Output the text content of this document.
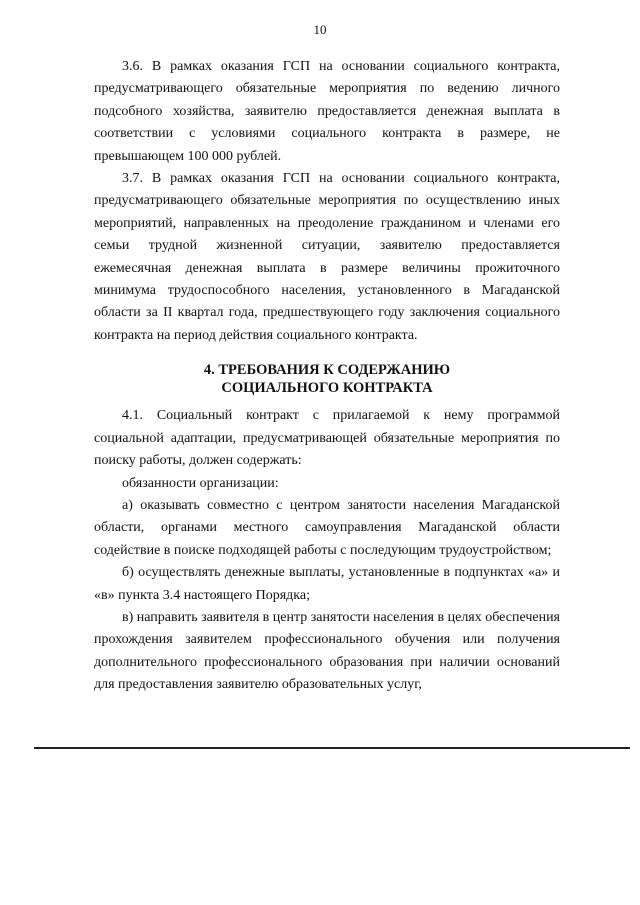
10

3.6. В рамках оказания ГСП на основании социального контракта, предусматривающего обязательные мероприятия по ведению личного подсобного хозяйства, заявителю предоставляется денежная выплата в соответствии с условиями социального контракта в размере, не превышающем 100 000 рублей.

3.7. В рамках оказания ГСП на основании социального контракта, предусматривающего обязательные мероприятия по осуществлению иных мероприятий, направленных на преодоление гражданином и членами его семьи трудной жизненной ситуации, заявителю предоставляется ежемесячная денежная выплата в размере величины прожиточного минимума трудоспособного населения, установленного в Магаданской области за II квартал года, предшествующего году заключения социального контракта на период действия социального контракта.

4. ТРЕБОВАНИЯ К СОДЕРЖАНИЮ
СОЦИАЛЬНОГО КОНТРАКТА

4.1. Социальный контракт с прилагаемой к нему программой социальной адаптации, предусматривающей обязательные мероприятия по поиску работы, должен содержать:

обязанности организации:

а) оказывать совместно с центром занятости населения Магаданской области, органами местного самоуправления Магаданской области содействие в поиске подходящей работы с последующим трудоустройством;

б) осуществлять денежные выплаты, установленные в подпунктах «а» и «в» пункта 3.4 настоящего Порядка;

в) направить заявителя в центр занятости населения в целях обеспечения прохождения заявителем профессионального обучения или получения дополнительного профессионального образования при наличии оснований для предоставления заявителю образовательных услуг,
